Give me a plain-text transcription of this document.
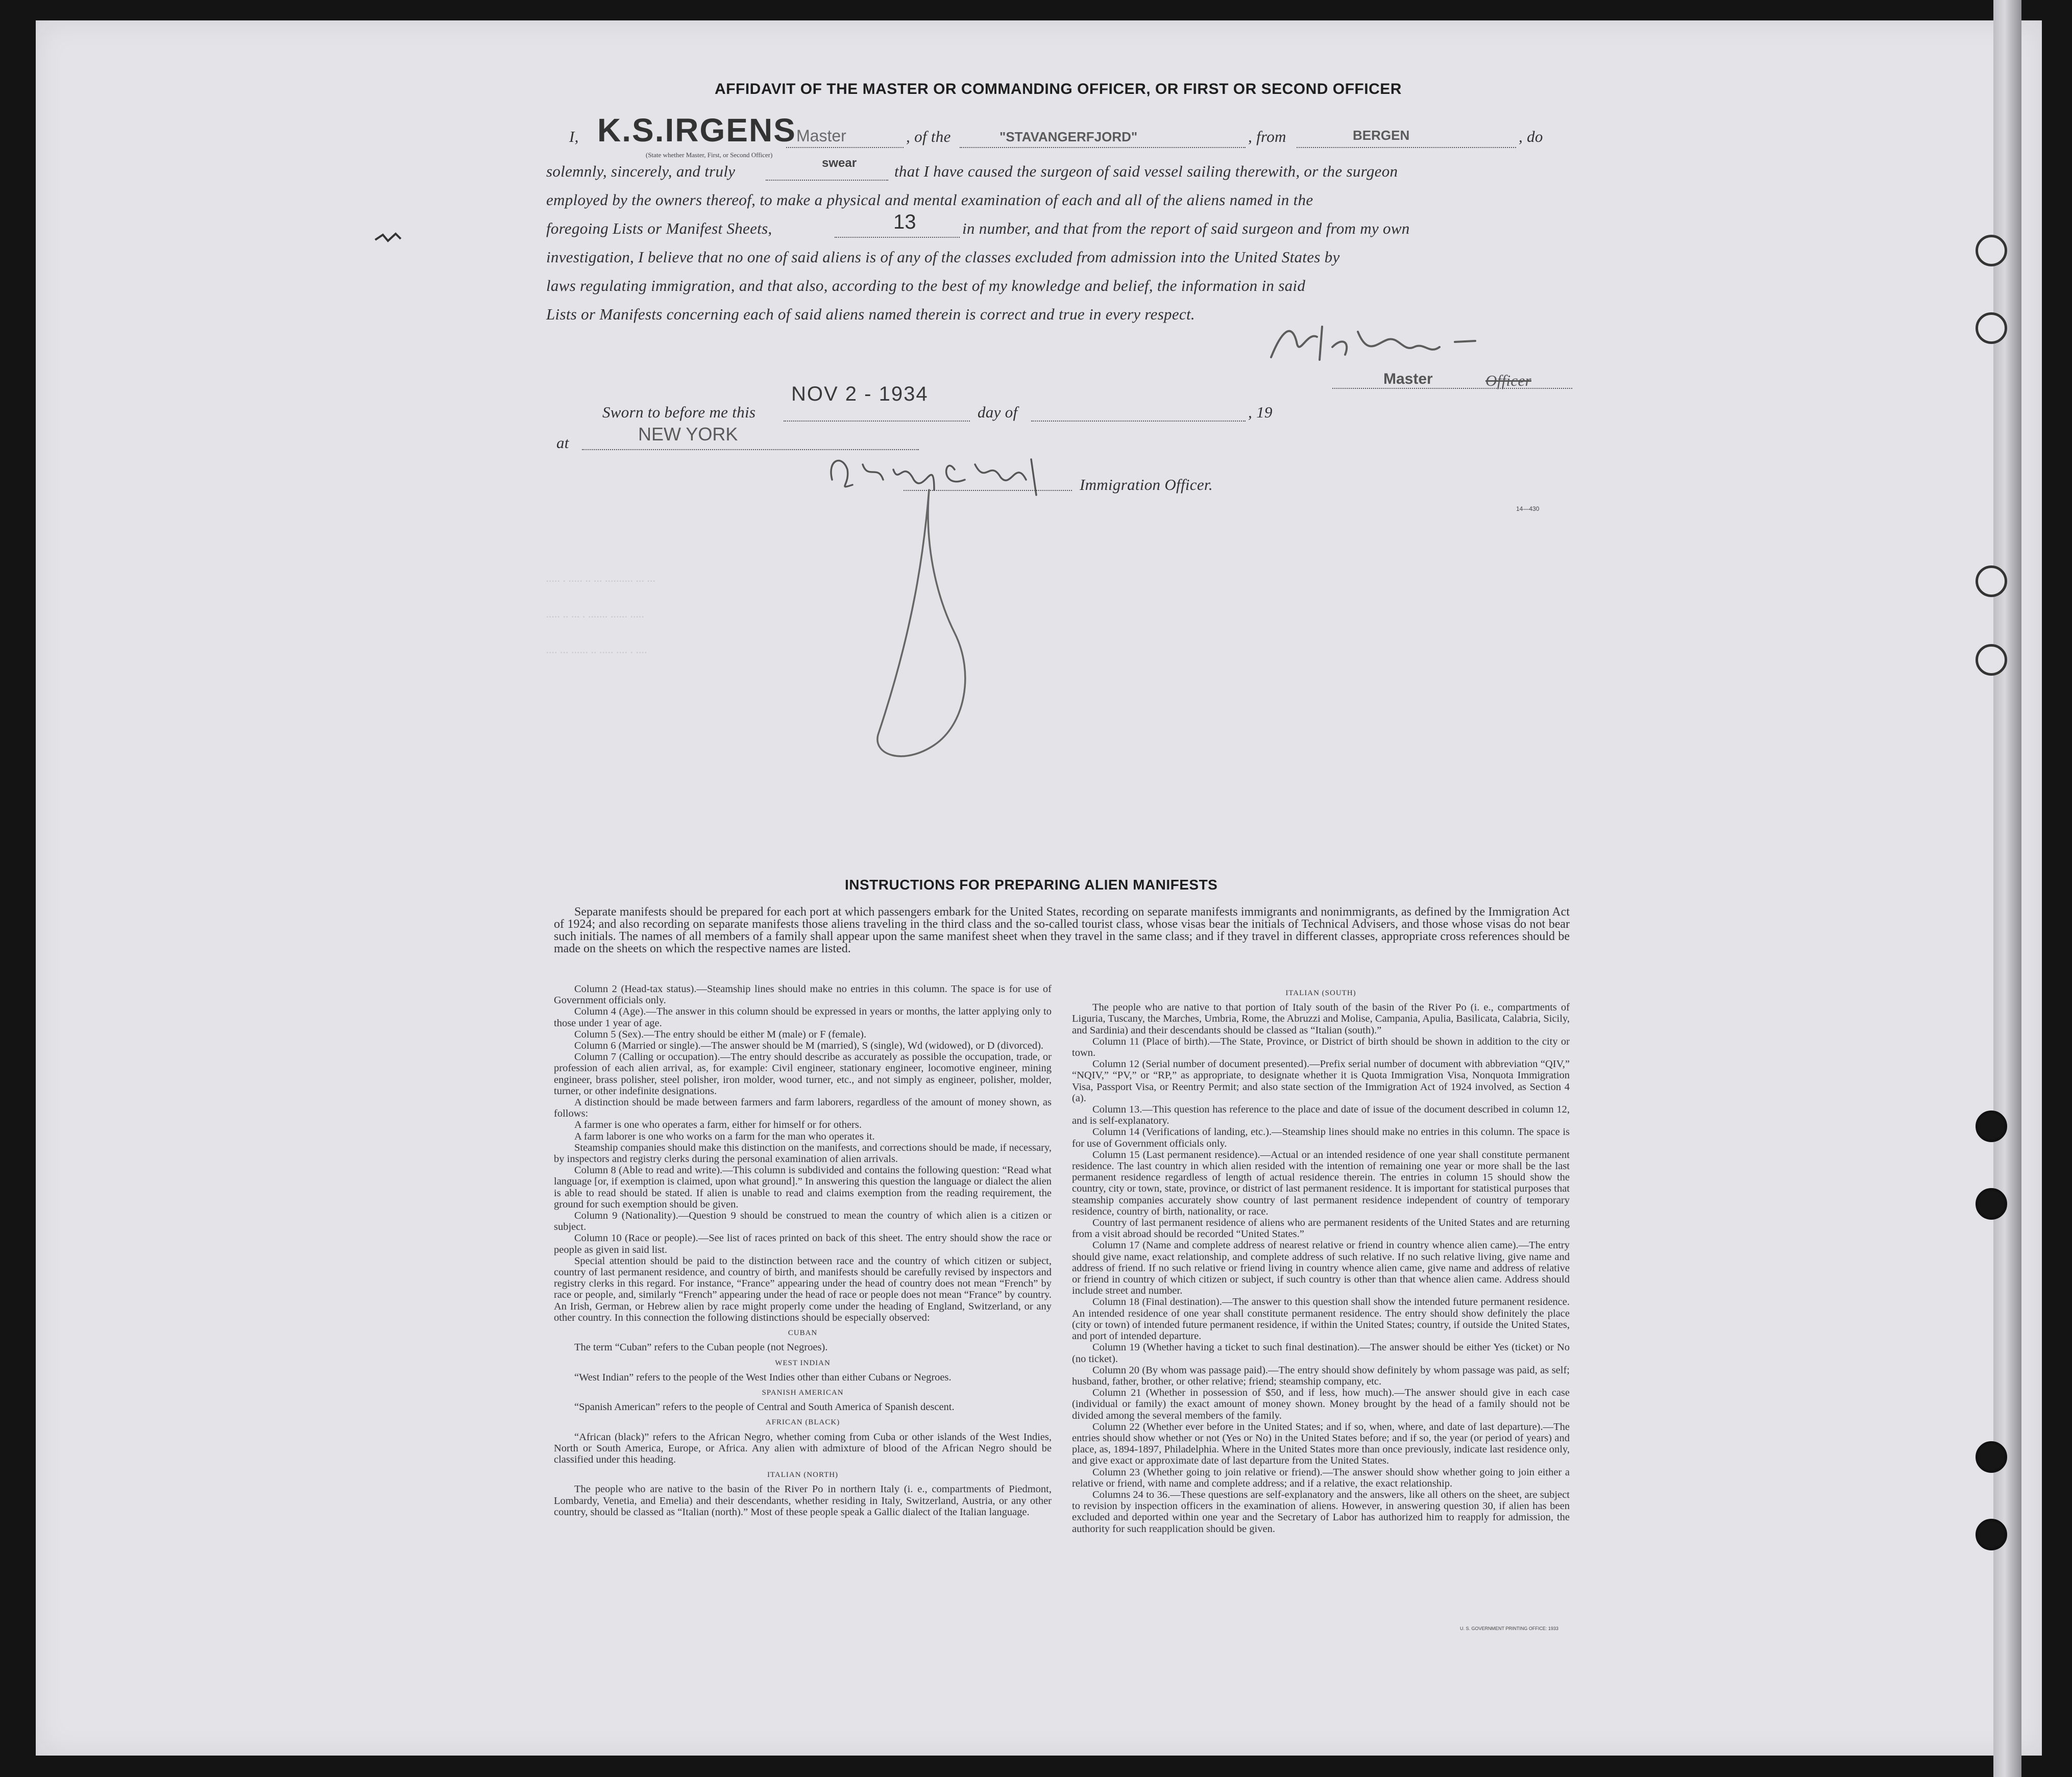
AFFIDAVIT OF THE MASTER OR COMMANDING OFFICER, OR FIRST OR SECOND OFFICER
I, K.S.IRGENS Master
(State whether Master, First, or Second Officer)
, of the	"STAVANGERFJORD"	, from	BERGEN	, do
solemnly, sincerely, and truly	swear that I have caused the surgeon of said vessel sailing therewith, or the surgeon
employed by the owners thereof, to make a physical and mental examination of each and all of the aliens named in the
foregoing Lists or Manifest Sheets,	13	in number, and that from the report of said surgeon and from my own
investigation, I believe that no one of said aliens is of any of the classes excluded from admission into the United States by
laws regulating immigration, and that also, according to the best of my knowledge and belief, the information in said
Lists or Manifests concerning each of said aliens named therein is correct and true in every respect.
..... . ..... .. ... .......... ... ...
..... .. ... . ....... ...... .....
.... ... ...... .. ..... .... . ....
Master	Officer
Sworn to before me this
NOV 2 - 1934
day of	, 19
at	NEW YORK
Immigration Officer.
14—430
INSTRUCTIONS FOR PREPARING ALIEN MANIFESTS

Separate manifests should be prepared for each port at which passengers embark for the United States, recording on separate manifests immigrants and nonimmigrants, as defined by the Immigration Act of 1924; and also recording on separate manifests those aliens traveling in the third class and the so-called tourist class, whose visas bear the initials of Technical Advisers, and those whose visas do not bear such initials. The names of all members of a family shall appear upon the same manifest sheet when they travel in the same class; and if they travel in different classes, appropriate cross references should be made on the sheets on which the respective names are listed.

Column 2 (Head-tax status).—Steamship lines should make no entries in this column. The space is for use of Government officials only.

Column 4 (Age).—The answer in this column should be expressed in years or months, the latter applying only to those under 1 year of age.

Column 5 (Sex).—The entry should be either M (male) or F (female).

Column 6 (Married or single).—The answer should be M (married), S (single), Wd (widowed), or D (divorced).

Column 7 (Calling or occupation).—The entry should describe as accurately as possible the occupation, trade, or profession of each alien arrival, as, for example: Civil engineer, stationary engineer, locomotive engineer, mining engineer, brass polisher, steel polisher, iron molder, wood turner, etc., and not simply as engineer, polisher, molder, turner, or other indefinite designations.

A distinction should be made between farmers and farm laborers, regardless of the amount of money shown, as follows:

A farmer is one who operates a farm, either for himself or for others.

A farm laborer is one who works on a farm for the man who operates it.

Steamship companies should make this distinction on the manifests, and corrections should be made, if necessary, by inspectors and registry clerks during the personal examination of alien arrivals.

Column 8 (Able to read and write).—This column is subdivided and contains the following question: “Read what language [or, if exemption is claimed, upon what ground].” In answering this question the language or dialect the alien is able to read should be stated. If alien is unable to read and claims exemption from the reading requirement, the ground for such exemption should be given.

Column 9 (Nationality).—Question 9 should be construed to mean the country of which alien is a citizen or subject.

Column 10 (Race or people).—See list of races printed on back of this sheet. The entry should show the race or people as given in said list.

Special attention should be paid to the distinction between race and the country of which citizen or subject, country of last permanent residence, and country of birth, and manifests should be carefully revised by inspectors and registry clerks in this regard. For instance, “France” appearing under the head of country does not mean “French” by race or people, and, similarly “French” appearing under the head of race or people does not mean “France” by country. An Irish, German, or Hebrew alien by race might properly come under the heading of England, Switzerland, or any other country. In this connection the following distinctions should be especially observed:

CUBAN

The term “Cuban” refers to the Cuban people (not Negroes).

WEST INDIAN

“West Indian” refers to the people of the West Indies other than either Cubans or Negroes.

SPANISH AMERICAN

“Spanish American” refers to the people of Central and South America of Spanish descent.

AFRICAN (BLACK)

“African (black)” refers to the African Negro, whether coming from Cuba or other islands of the West Indies, North or South America, Europe, or Africa. Any alien with admixture of blood of the African Negro should be classified under this heading.

ITALIAN (NORTH)

The people who are native to the basin of the River Po in northern Italy (i. e., compartments of Piedmont, Lombardy, Venetia, and Emelia) and their descendants, whether residing in Italy, Switzerland, Austria, or any other country, should be classed as “Italian (north).” Most of these people speak a Gallic dialect of the Italian language.

ITALIAN (SOUTH)

The people who are native to that portion of Italy south of the basin of the River Po (i. e., compartments of Liguria, Tuscany, the Marches, Umbria, Rome, the Abruzzi and Molise, Campania, Apulia, Basilicata, Calabria, Sicily, and Sardinia) and their descendants should be classed as “Italian (south).”

Column 11 (Place of birth).—The State, Province, or District of birth should be shown in addition to the city or town.

Column 12 (Serial number of document presented).—Prefix serial number of document with abbreviation “QIV,” “NQIV,” “PV,” or “RP,” as appropriate, to designate whether it is Quota Immigration Visa, Nonquota Immigration Visa, Passport Visa, or Reentry Permit; and also state section of the Immigration Act of 1924 involved, as Section 4 (a).

Column 13.—This question has reference to the place and date of issue of the document described in column 12, and is self-explanatory.

Column 14 (Verifications of landing, etc.).—Steamship lines should make no entries in this column. The space is for use of Government officials only.

Column 15 (Last permanent residence).—Actual or an intended residence of one year shall constitute permanent residence. The last country in which alien resided with the intention of remaining one year or more shall be the last permanent residence regardless of length of actual residence therein. The entries in column 15 should show the country, city or town, state, province, or district of last permanent residence. It is important for statistical purposes that steamship companies accurately show country of last permanent residence independent of country of temporary residence, country of birth, nationality, or race.

Country of last permanent residence of aliens who are permanent residents of the United States and are returning from a visit abroad should be recorded “United States.”

Column 17 (Name and complete address of nearest relative or friend in country whence alien came).—The entry should give name, exact relationship, and complete address of such relative. If no such relative living, give name and address of friend. If no such relative or friend living in country whence alien came, give name and address of relative or friend in country of which citizen or subject, if such country is other than that whence alien came. Address should include street and number.

Column 18 (Final destination).—The answer to this question shall show the intended future permanent residence. An intended residence of one year shall constitute permanent residence. The entry should show definitely the place (city or town) of intended future permanent residence, if within the United States; country, if outside the United States, and port of intended departure.

Column 19 (Whether having a ticket to such final destination).—The answer should be either Yes (ticket) or No (no ticket).

Column 20 (By whom was passage paid).—The entry should show definitely by whom passage was paid, as self; husband, father, brother, or other relative; friend; steamship company, etc.

Column 21 (Whether in possession of $50, and if less, how much).—The answer should give in each case (individual or family) the exact amount of money shown. Money brought by the head of a family should not be divided among the several members of the family.

Column 22 (Whether ever before in the United States; and if so, when, where, and date of last departure).—The entries should show whether or not (Yes or No) in the United States before; and if so, the year (or period of years) and place, as, 1894-1897, Philadelphia. Where in the United States more than once previously, indicate last residence only, and give exact or approximate date of last departure from the United States.

Column 23 (Whether going to join relative or friend).—The answer should show whether going to join either a relative or friend, with name and complete address; and if a relative, the exact relationship.

Columns 24 to 36.—These questions are self-explanatory and the answers, like all others on the sheet, are subject to revision by inspection officers in the examination of aliens. However, in answering question 30, if alien has been excluded and deported within one year and the Secretary of Labor has authorized him to reapply for admission, the authority for such reapplication should be given.

U. S. GOVERNMENT PRINTING OFFICE: 1933
